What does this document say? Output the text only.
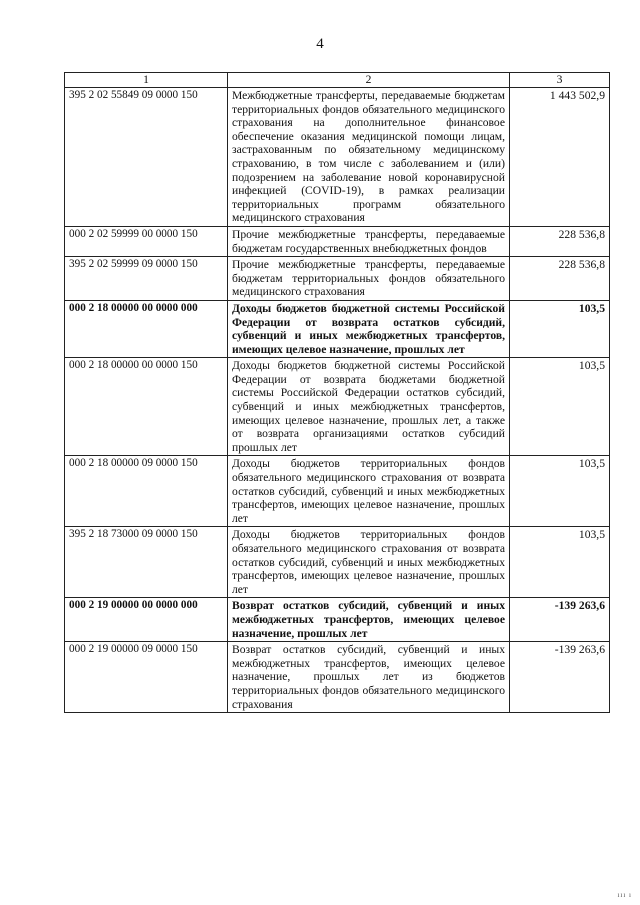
4
1	2	3
395 2 02 55849 09 0000 150	Межбюджетные трансферты, передаваемые бюджетам территориальных фондов обязательного медицинского страхования на дополнительное финансовое обеспечение оказания медицинской помощи лицам, застрахованным по обязательному медицинскому страхованию, в том числе с заболеванием и (или) подозрением на заболевание новой коронавирусной инфекцией (COVID-19), в рамках реализации территориальных программ обязательного медицинского страхования	1 443 502,9
000 2 02 59999 00 0000 150	Прочие межбюджетные трансферты, передаваемые бюджетам государственных внебюджетных фондов	228 536,8
395 2 02 59999 09 0000 150	Прочие межбюджетные трансферты, передаваемые бюджетам территориальных фондов обязательного медицинского страхования	228 536,8
000 2 18 00000 00 0000 000	Доходы бюджетов бюджетной системы Российской Федерации от возврата остатков субсидий, субвенций и иных межбюджетных трансфертов, имеющих целевое назначение, прошлых лет	103,5
000 2 18 00000 00 0000 150	Доходы бюджетов бюджетной системы Российской Федерации от возврата бюджетами бюджетной системы Российской Федерации остатков субсидий, субвенций и иных межбюджетных трансфертов, имеющих целевое назначение, прошлых лет, а также от возврата организациями остатков субсидий прошлых лет	103,5
000 2 18 00000 09 0000 150	Доходы бюджетов территориальных фондов обязательного медицинского страхования от возврата остатков субсидий, субвенций и иных межбюджетных трансфертов, имеющих целевое назначение, прошлых лет	103,5
395 2 18 73000 09 0000 150	Доходы бюджетов территориальных фондов обязательного медицинского страхования от возврата остатков субсидий, субвенций и иных межбюджетных трансфертов, имеющих целевое назначение, прошлых лет	103,5
000 2 19 00000 00 0000 000	Возврат остатков субсидий, субвенций и иных межбюджетных трансфертов, имеющих целевое назначение, прошлых лет	-139 263,6
000 2 19 00000 09 0000 150	Возврат остатков субсидий, субвенций и иных межбюджетных трансфертов, имеющих целевое назначение, прошлых лет из бюджетов территориальных фондов обязательного медицинского страхования	-139 263,6
ııı ı
